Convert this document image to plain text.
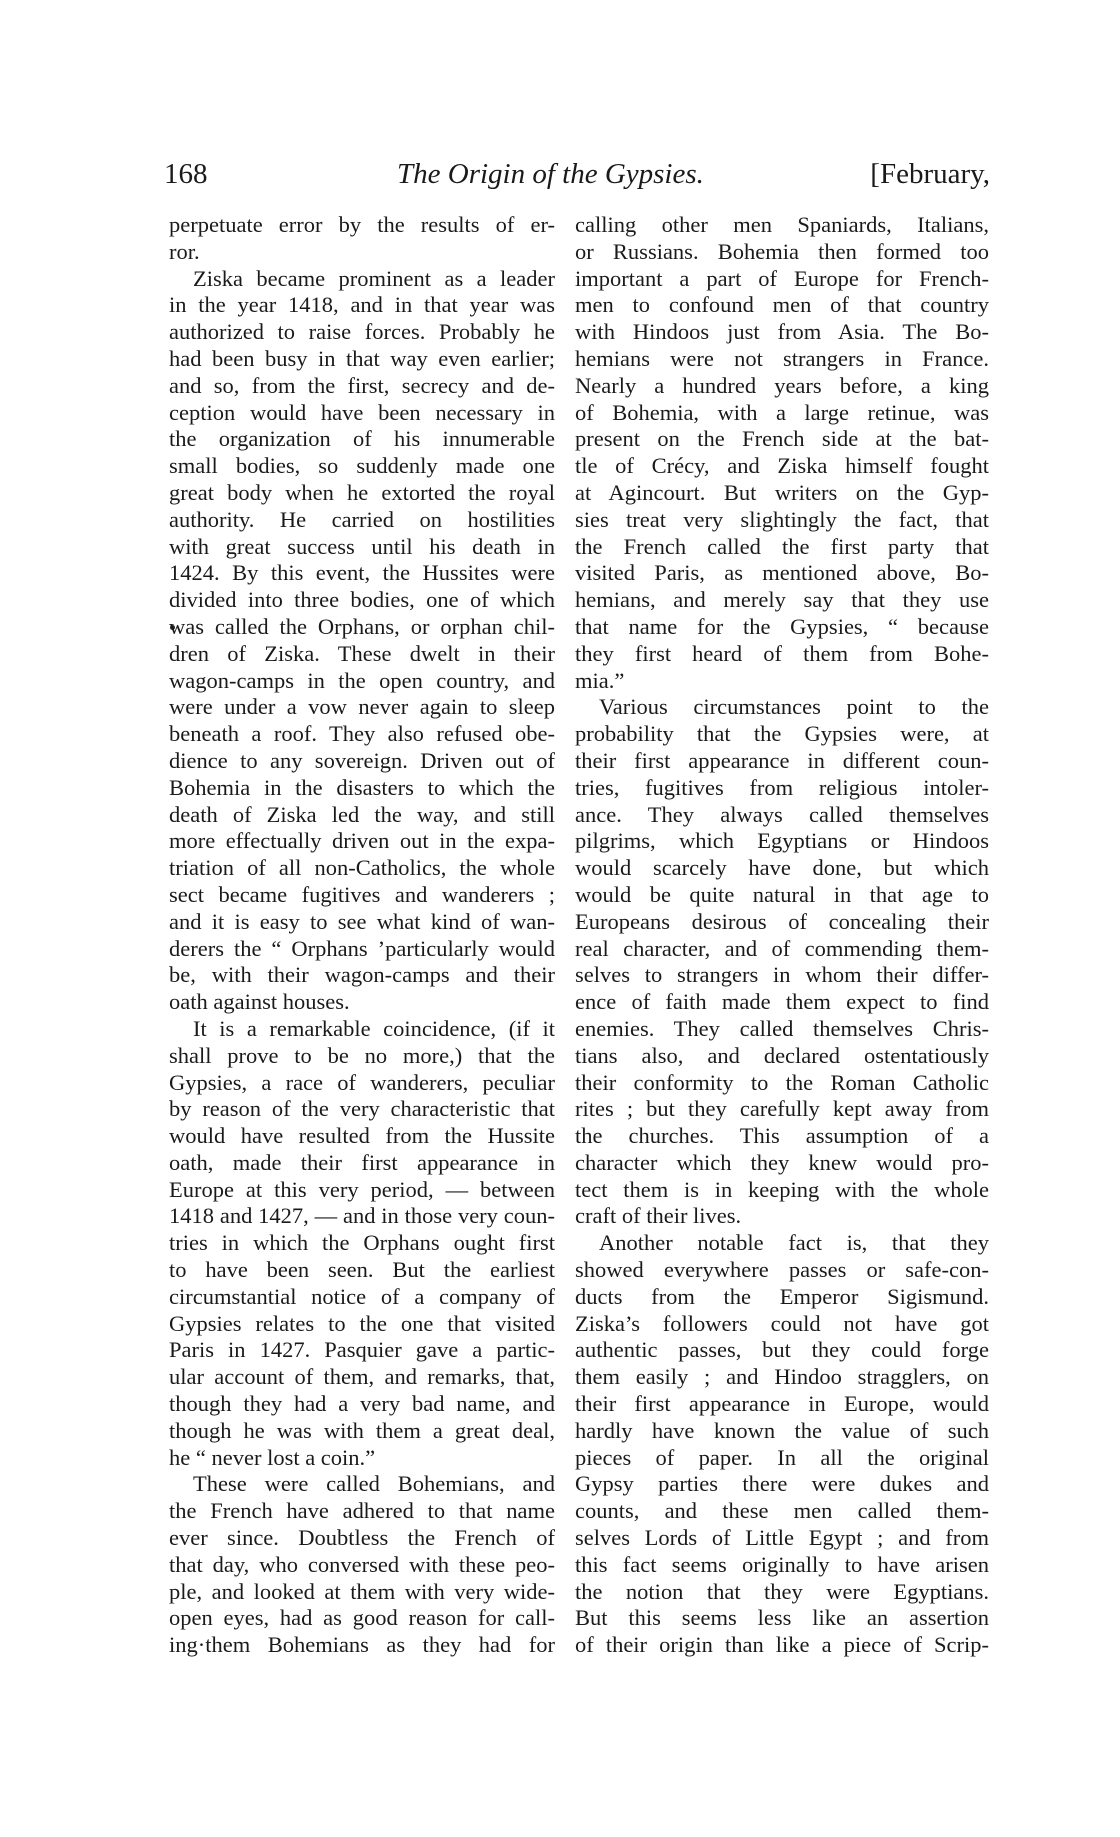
168	The Origin of the Gypsies.	[February,
perpetuate error by the results of er-
ror.
Ziska became prominent as a leader
in the year 1418, and in that year was
authorized to raise forces. Probably he
had been busy in that way even earlier;
and so, from the first, secrecy and de-
ception would have been necessary in
the organization of his innumerable
small bodies, so suddenly made one
great body when he extorted the royal
authority. He carried on hostilities
with great success until his death in
1424. By this event, the Hussites were
divided into three bodies, one of which
was called the Orphans, or orphan chil-
dren of Ziska. These dwelt in their
wagon-camps in the open country, and
were under a vow never again to sleep
beneath a roof. They also refused obe-
dience to any sovereign. Driven out of
Bohemia in the disasters to which the
death of Ziska led the way, and still
more effectually driven out in the expa-
triation of all non-Catholics, the whole
sect became fugitives and wanderers ;
and it is easy to see what kind of wan-
derers the “ Orphans ’particularly would
be, with their wagon-camps and their
oath against houses.
It is a remarkable coincidence, (if it
shall prove to be no more,) that the
Gypsies, a race of wanderers, peculiar
by reason of the very characteristic that
would have resulted from the Hussite
oath, made their first appearance in
Europe at this very period, — between
1418 and 1427, — and in those very coun-
tries in which the Orphans ought first
to have been seen. But the earliest
circumstantial notice of a company of
Gypsies relates to the one that visited
Paris in 1427. Pasquier gave a partic-
ular account of them, and remarks, that,
though they had a very bad name, and
though he was with them a great deal,
he “ never lost a coin.”
These were called Bohemians, and
the French have adhered to that name
ever since. Doubtless the French of
that day, who conversed with these peo-
ple, and looked at them with very wide-
open eyes, had as good reason for call-
ing·them Bohemians as they had for
calling other men Spaniards, Italians,
or Russians. Bohemia then formed too
important a part of Europe for French-
men to confound men of that country
with Hindoos just from Asia. The Bo-
hemians were not strangers in France.
Nearly a hundred years before, a king
of Bohemia, with a large retinue, was
present on the French side at the bat-
tle of Crécy, and Ziska himself fought
at Agincourt. But writers on the Gyp-
sies treat very slightingly the fact, that
the French called the first party that
visited Paris, as mentioned above, Bo-
hemians, and merely say that they use
that name for the Gypsies, “ because
they first heard of them from Bohe-
mia.”
Various circumstances point to the
probability that the Gypsies were, at
their first appearance in different coun-
tries, fugitives from religious intoler-
ance. They always called themselves
pilgrims, which Egyptians or Hindoos
would scarcely have done, but which
would be quite natural in that age to
Europeans desirous of concealing their
real character, and of commending them-
selves to strangers in whom their differ-
ence of faith made them expect to find
enemies. They called themselves Chris-
tians also, and declared ostentatiously
their conformity to the Roman Catholic
rites ; but they carefully kept away from
the churches. This assumption of a
character which they knew would pro-
tect them is in keeping with the whole
craft of their lives.
Another notable fact is, that they
showed everywhere passes or safe-con-
ducts from the Emperor Sigismund.
Ziska’s followers could not have got
authentic passes, but they could forge
them easily ; and Hindoo stragglers, on
their first appearance in Europe, would
hardly have known the value of such
pieces of paper. In all the original
Gypsy parties there were dukes and
counts, and these men called them-
selves Lords of Little Egypt ; and from
this fact seems originally to have arisen
the notion that they were Egyptians.
But this seems less like an assertion
of their origin than like a piece of Scrip-
